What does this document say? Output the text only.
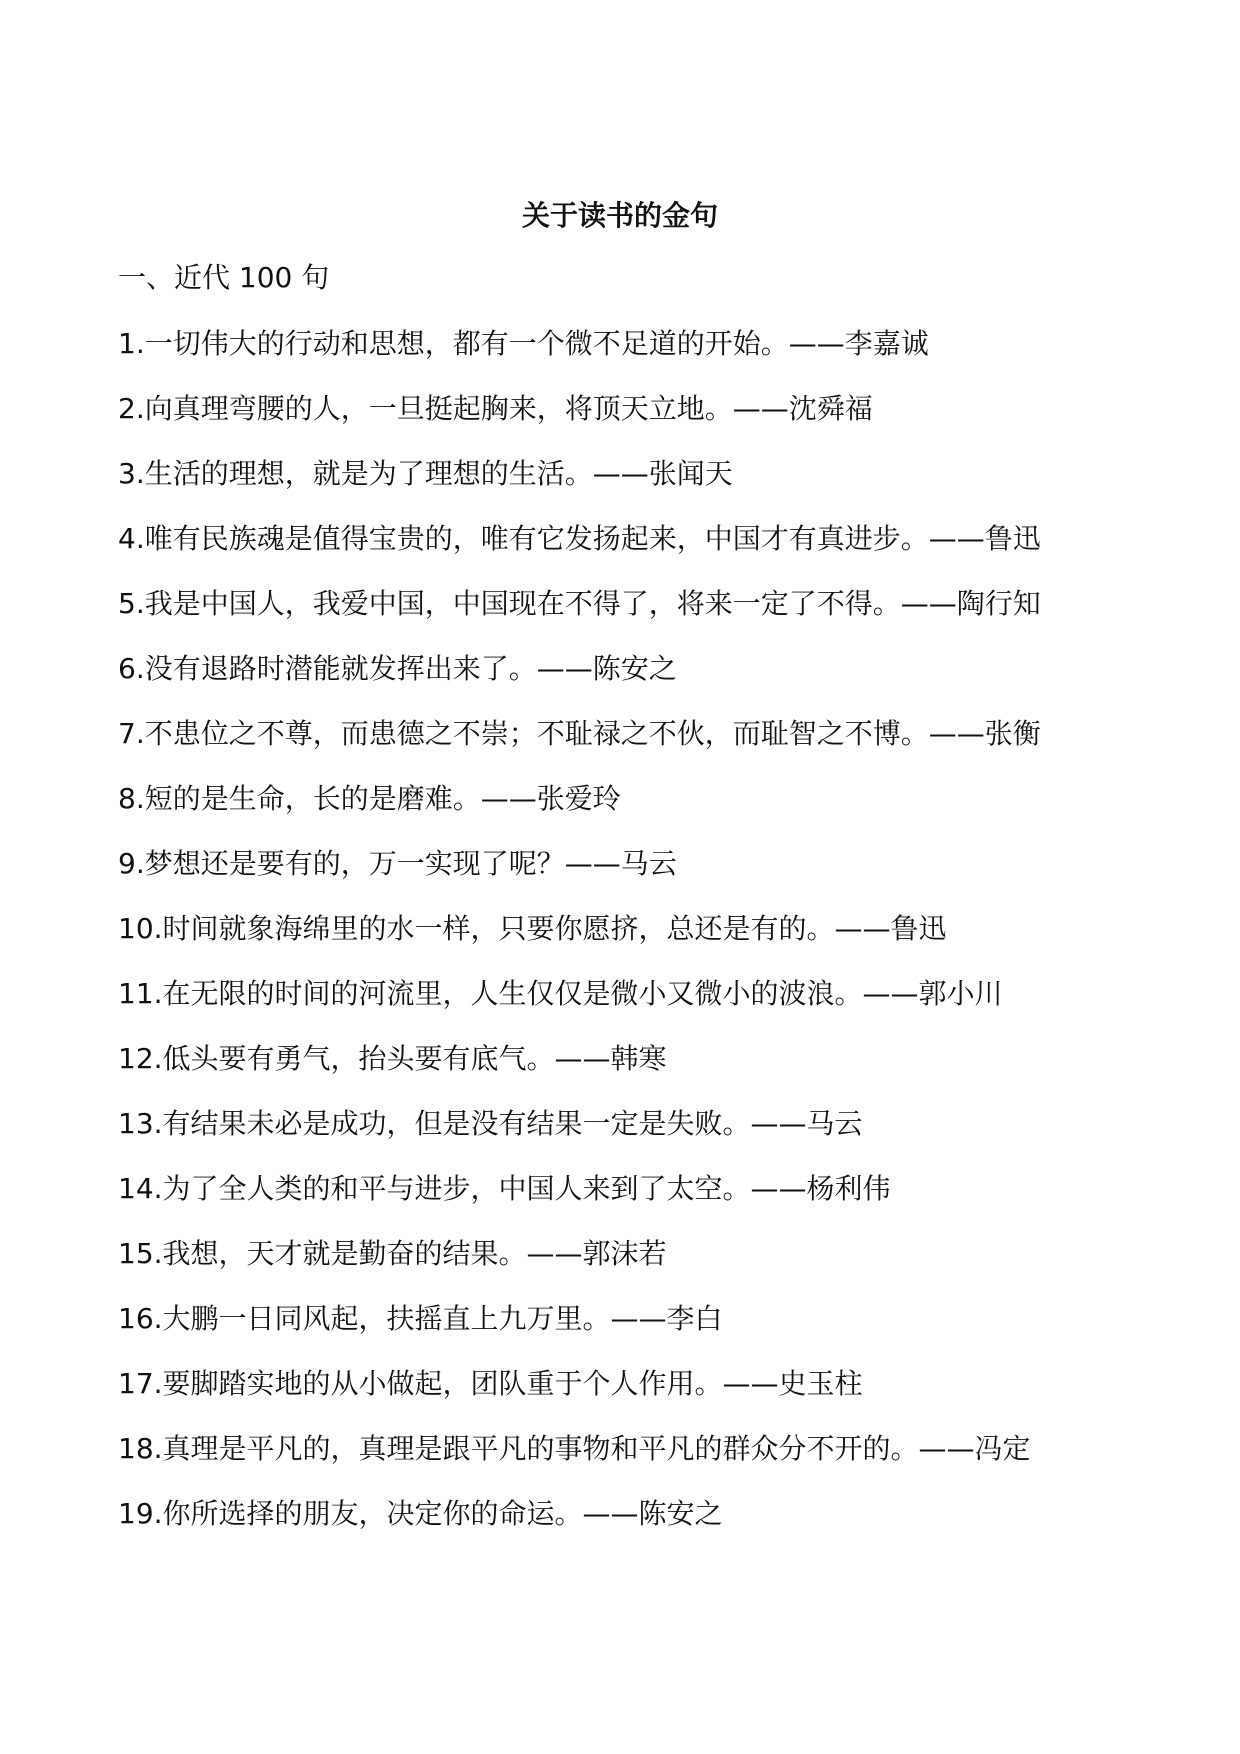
关于读书的金句
一、近代 100 句
1.一切伟大的行动和思想，都有一个微不足道的开始。——李嘉诚
2.向真理弯腰的人，一旦挺起胸来，将顶天立地。——沈舜福
3.生活的理想，就是为了理想的生活。——张闻天
4.唯有民族魂是值得宝贵的，唯有它发扬起来，中国才有真进步。——鲁迅
5.我是中国人，我爱中国，中国现在不得了，将来一定了不得。——陶行知
6.没有退路时潜能就发挥出来了。——陈安之
7.不患位之不尊，而患德之不崇；不耻禄之不伙，而耻智之不博。——张衡
8.短的是生命，长的是磨难。——张爱玲
9.梦想还是要有的，万一实现了呢？——马云
10.时间就象海绵里的水一样，只要你愿挤，总还是有的。——鲁迅
11.在无限的时间的河流里，人生仅仅是微小又微小的波浪。——郭小川
12.低头要有勇气，抬头要有底气。——韩寒
13.有结果未必是成功，但是没有结果一定是失败。——马云
14.为了全人类的和平与进步，中国人来到了太空。——杨利伟
15.我想，天才就是勤奋的结果。——郭沫若
16.大鹏一日同风起，扶摇直上九万里。——李白
17.要脚踏实地的从小做起，团队重于个人作用。——史玉柱
18.真理是平凡的，真理是跟平凡的事物和平凡的群众分不开的。——冯定
19.你所选择的朋友，决定你的命运。——陈安之
